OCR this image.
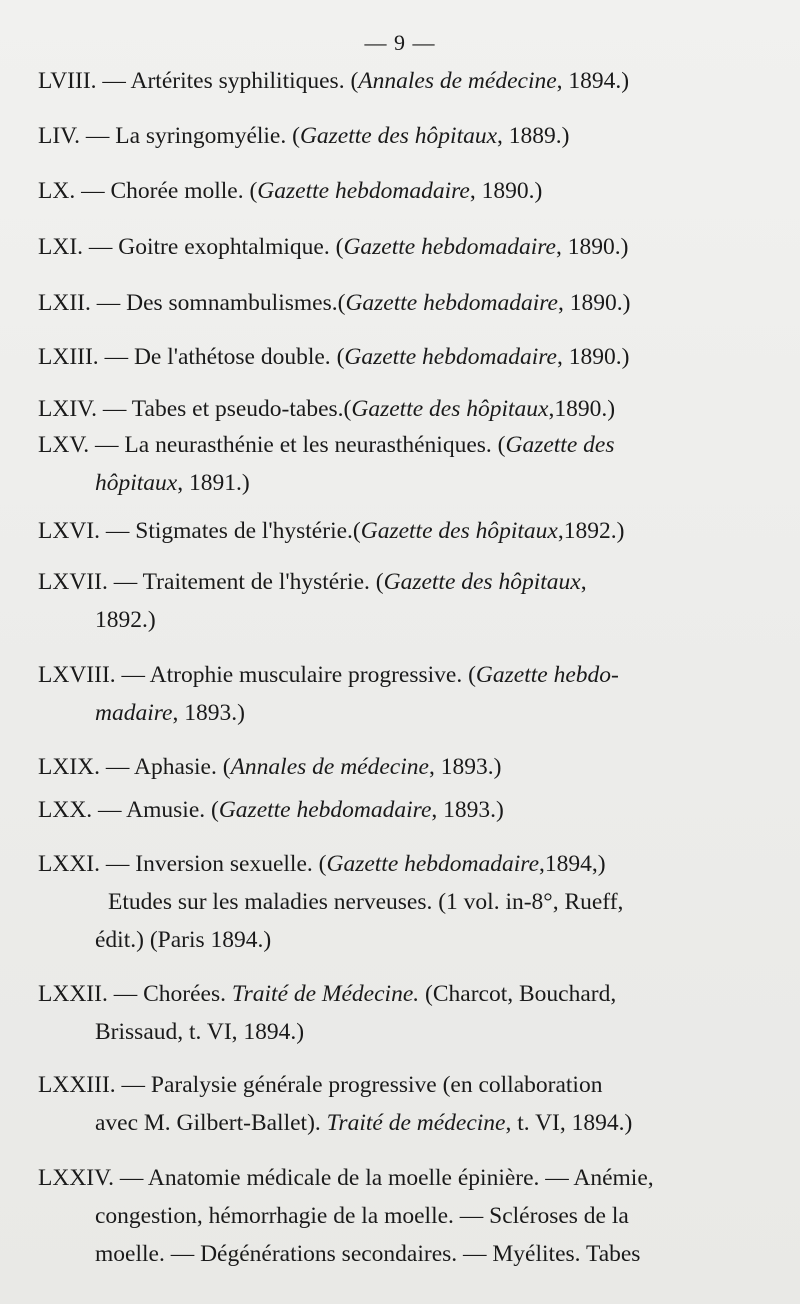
— 9 —
LVIII. — Artérites syphilitiques. (Annales de médecine, 1894.)
LIV. — La syringomyélie. (Gazette des hôpitaux, 1889.)
LX. — Chorée molle. (Gazette hebdomadaire, 1890.)
LXI. — Goitre exophtalmique. (Gazette hebdomadaire, 1890.)
LXII. — Des somnambulismes.(Gazette hebdomadaire, 1890.)
LXIII. — De l'athétose double. (Gazette hebdomadaire, 1890.)
LXIV. — Tabes et pseudo-tabes.(Gazette des hôpitaux,1890.)
LXV. — La neurasthénie et les neurasthéniques. (Gazette des
hôpitaux, 1891.)
LXVI. — Stigmates de l'hystérie.(Gazette des hôpitaux,1892.)
LXVII. — Traitement de l'hystérie. (Gazette des hôpitaux,
1892.)
LXVIII. — Atrophie musculaire progressive. (Gazette hebdo-
madaire, 1893.)
LXIX. — Aphasie. (Annales de médecine, 1893.)
LXX. — Amusie. (Gazette hebdomadaire, 1893.)
LXXI. — Inversion sexuelle. (Gazette hebdomadaire,1894,)
Etudes sur les maladies nerveuses. (1 vol. in-8°, Rueff,
édit.) (Paris 1894.)
LXXII. — Chorées. Traité de Médecine. (Charcot, Bouchard,
Brissaud, t. VI, 1894.)
LXXIII. — Paralysie générale progressive (en collaboration
avec M. Gilbert-Ballet). Traité de médecine, t. VI, 1894.)
LXXIV. — Anatomie médicale de la moelle épinière. — Anémie,
congestion, hémorrhagie de la moelle. — Scléroses de la
moelle. — Dégénérations secondaires. — Myélites. Tabes
